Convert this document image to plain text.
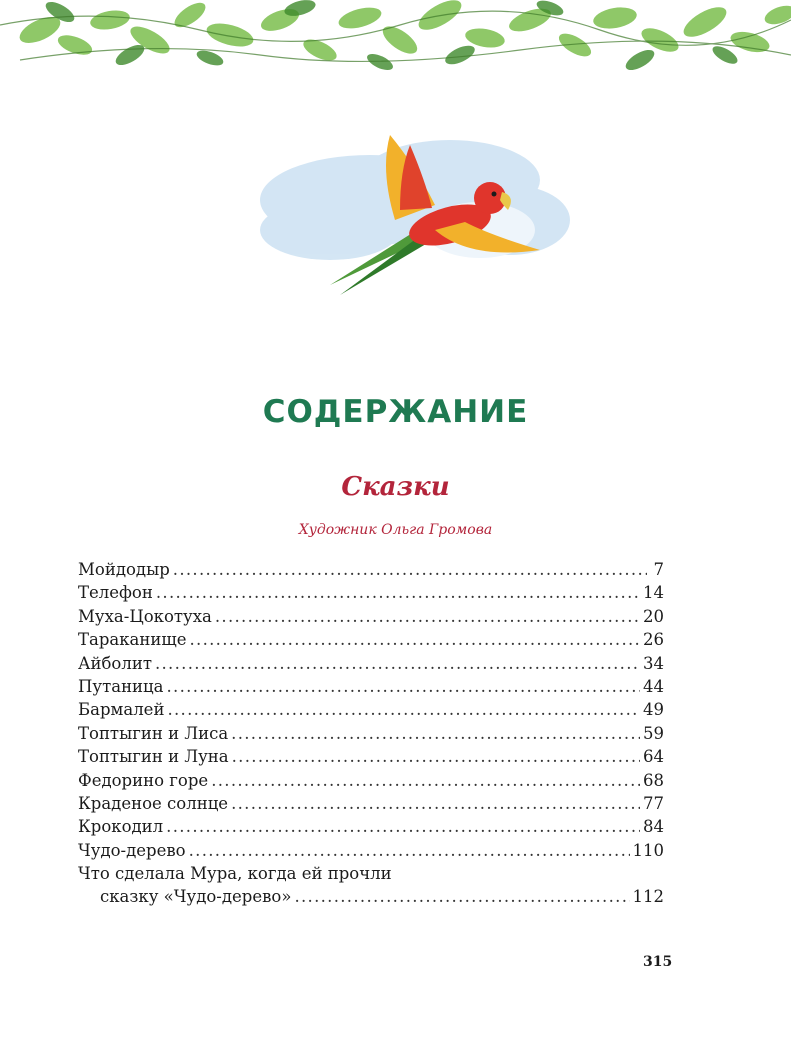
СОДЕРЖАНИЕ
Сказки
Художник Ольга Громова
Мойдодыр .....	7
Телефон .....	14
Муха-Цокотуха .....	20
Тараканище .....	26
Айболит .....	34
Путаница .....	44
Бармалей .....	49
Топтыгин и Лиса .....	59
Топтыгин и Луна .....	64
Федорино горе .....	68
Краденое солнце .....	77
Крокодил .....	84
Чудо-дерево .....	110
Что сделала Мура, когда ей прочли
сказку «Чудо-дерево» .....	112
315
